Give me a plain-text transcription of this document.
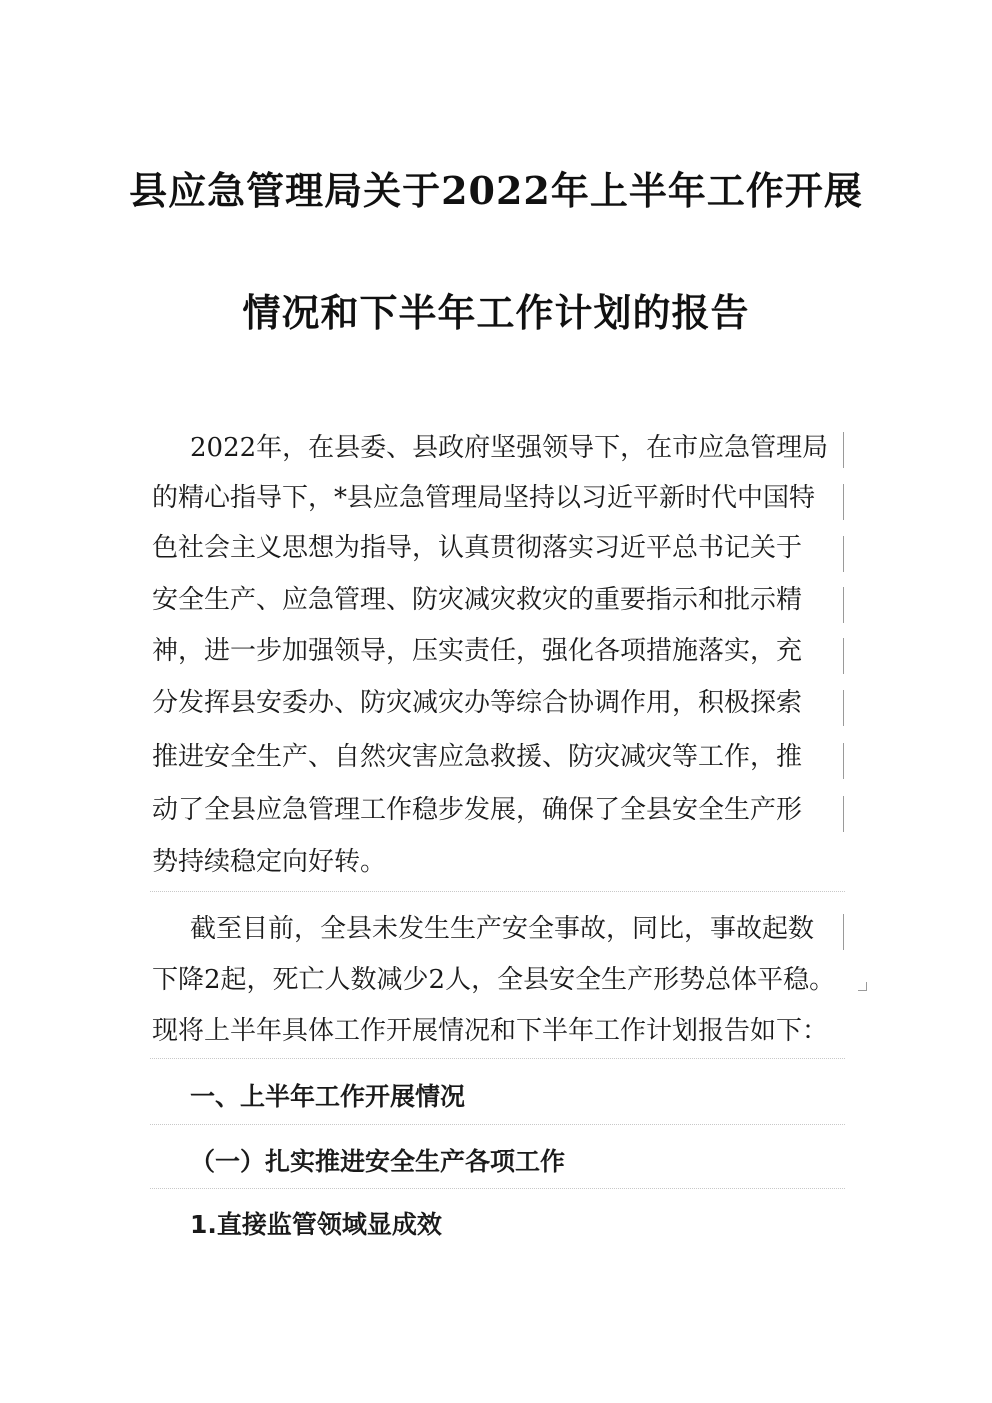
县应急管理局关于2022年上半年工作开展
情况和下半年工作计划的报告
2022年，在县委、县政府坚强领导下，在市应急管理局
的精心指导下，*县应急管理局坚持以习近平新时代中国特
色社会主义思想为指导，认真贯彻落实习近平总书记关于
安全生产、应急管理、防灾减灾救灾的重要指示和批示精
神，进一步加强领导，压实责任，强化各项措施落实，充
分发挥县安委办、防灾减灾办等综合协调作用，积极探索
推进安全生产、自然灾害应急救援、防灾减灾等工作，推
动了全县应急管理工作稳步发展，确保了全县安全生产形
势持续稳定向好转。
截至目前，全县未发生生产安全事故，同比，事故起数
下降2起，死亡人数减少2人，全县安全生产形势总体平稳。
现将上半年具体工作开展情况和下半年工作计划报告如下：
一、上半年工作开展情况
（一）扎实推进安全生产各项工作
1.直接监管领域显成效
